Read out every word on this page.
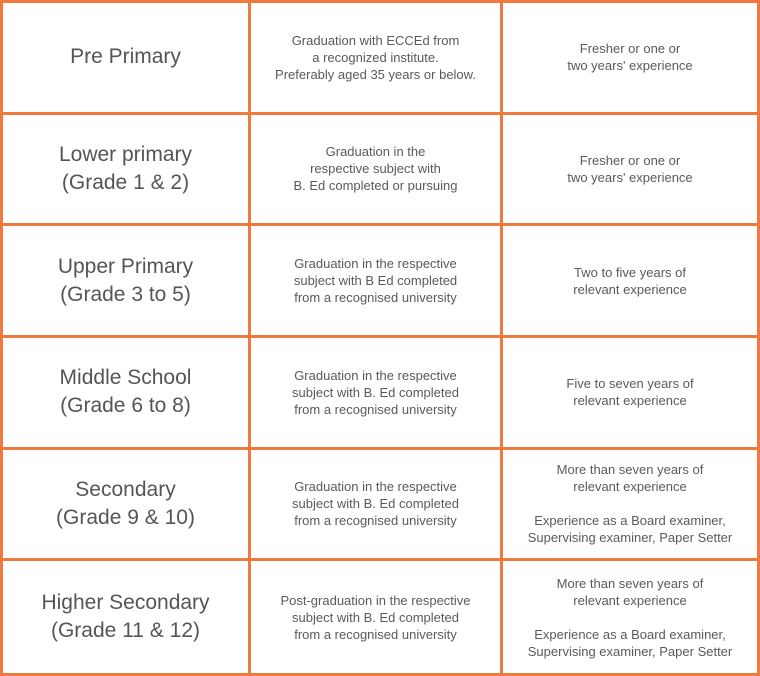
Pre Primary
Graduation with ECCEd from
a recognized institute.
Preferably aged 35 years or below.
Fresher or one or
two years' experience
Lower primary
(Grade 1 & 2)
Graduation in the
respective subject with
B. Ed completed or pursuing
Fresher or one or
two years' experience
Upper Primary
(Grade 3 to 5)
Graduation in the respective
subject with B Ed completed
from a recognised university
Two to five years of
relevant experience
Middle School
(Grade 6 to 8)
Graduation in the respective
subject with B. Ed completed
from a recognised university
Five to seven years of
relevant experience
Secondary
(Grade 9 & 10)
Graduation in the respective
subject with B. Ed completed
from a recognised university
More than seven years of
relevant experience
Experience as a Board examiner,
Supervising examiner, Paper Setter
Higher Secondary
(Grade 11 & 12)
Post-graduation in the respective
subject with B. Ed completed
from a recognised university
More than seven years of
relevant experience
Experience as a Board examiner,
Supervising examiner, Paper Setter
